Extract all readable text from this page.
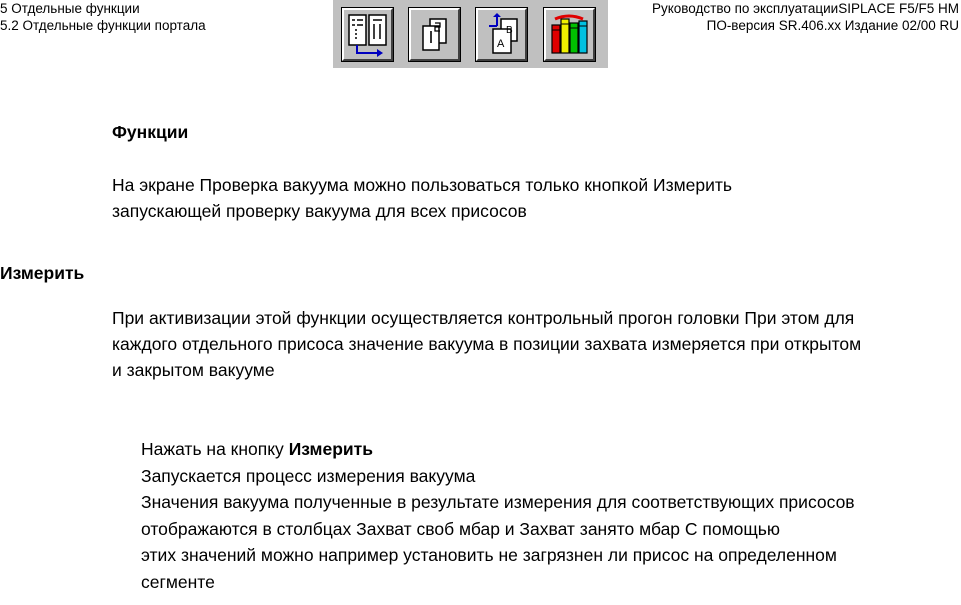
5 Отдельные функции
5.2 Отдельные функции портала
Руководство по эксплуатацииSIPLACE F5/F5 HM
ПО-версия SR.406.xx Издание 02/00 RU
B
A
Функции
На экране Проверка вакуума можно пользоваться только кнопкой Измерить
запускающей проверку вакуума для всех присосов
Измерить
При активизации этой функции осуществляется контрольный прогон головки При этом для
каждого отдельного присоса значение вакуума в позиции захвата измеряется при открытом
и закрытом вакууме
Нажать на кнопку Измерить
Запускается процесс измерения вакуума
Значения вакуума полученные в результате измерения для соответствующих присосов
отображаются в столбцах Захват своб мбар и Захват занято мбар С помощью
этих значений можно например установить не загрязнен ли присос на определенном
сегменте
